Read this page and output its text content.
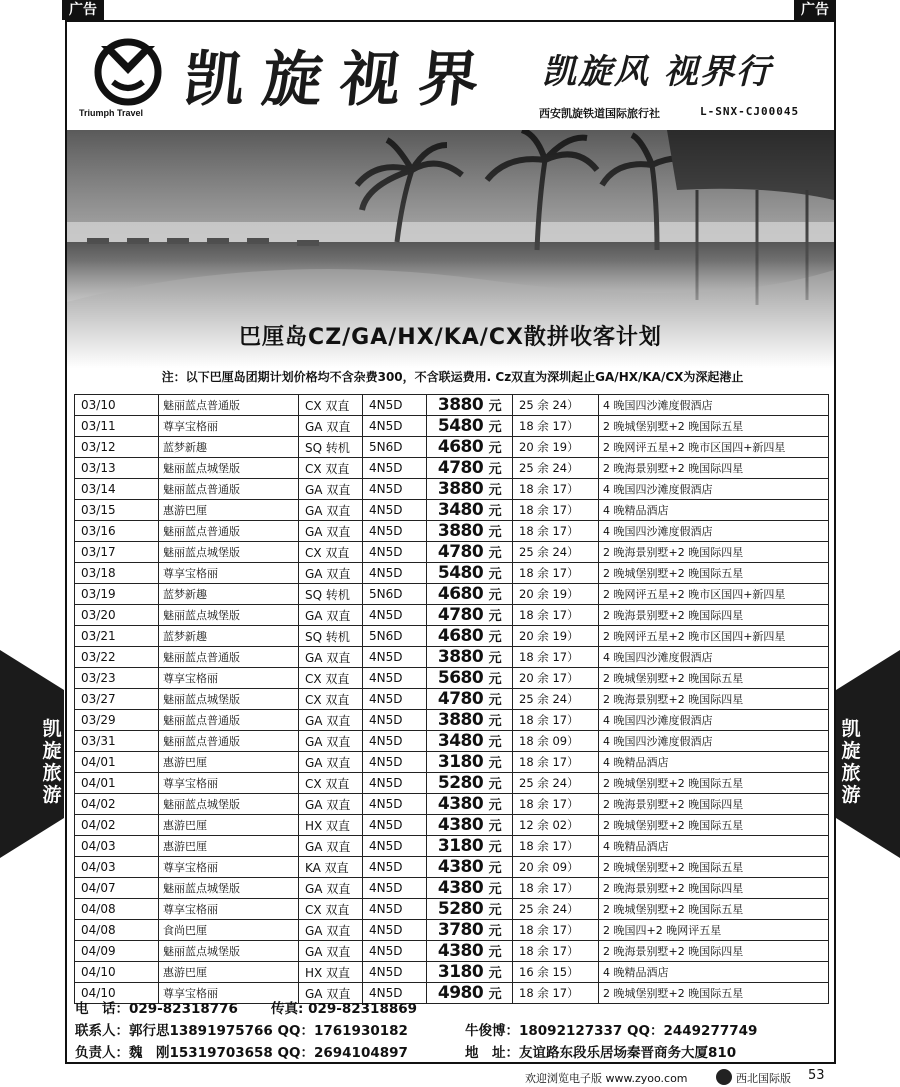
广告	广告
凯旋旅游
凯旋旅游
Triumph Travel 凯旋视界 凯旋风 视界行
西安凯旋铁道国际旅行社	L-SNX-CJ00045
巴厘岛CZ/GA/HX/KA/CX散拼收客计划
注：以下巴厘岛团期计划价格均不含杂费300，不含联运费用. Cz双直为深圳起止GA/HX/KA/CX为深起港止
03/10	魅丽蓝点普通版	CX 双直	4N5D	3880 元	25 余 24）	4 晚国四沙滩度假酒店
03/11	尊享宝格丽	GA 双直	4N5D	5480 元	18 余 17）	2 晚城堡别墅+2 晚国际五星
03/12	蓝梦新趣	SQ 转机	5N6D	4680 元	20 余 19）	2 晚网评五星+2 晚市区国四+新四星
03/13	魅丽蓝点城堡版	CX 双直	4N5D	4780 元	25 余 24）	2 晚海景别墅+2 晚国际四星
03/14	魅丽蓝点普通版	GA 双直	4N5D	3880 元	18 余 17）	4 晚国四沙滩度假酒店
03/15	惠游巴厘	GA 双直	4N5D	3480 元	18 余 17）	4 晚精品酒店
03/16	魅丽蓝点普通版	GA 双直	4N5D	3880 元	18 余 17）	4 晚国四沙滩度假酒店
03/17	魅丽蓝点城堡版	CX 双直	4N5D	4780 元	25 余 24）	2 晚海景别墅+2 晚国际四星
03/18	尊享宝格丽	GA 双直	4N5D	5480 元	18 余 17）	2 晚城堡别墅+2 晚国际五星
03/19	蓝梦新趣	SQ 转机	5N6D	4680 元	20 余 19）	2 晚网评五星+2 晚市区国四+新四星
03/20	魅丽蓝点城堡版	GA 双直	4N5D	4780 元	18 余 17）	2 晚海景别墅+2 晚国际四星
03/21	蓝梦新趣	SQ 转机	5N6D	4680 元	20 余 19）	2 晚网评五星+2 晚市区国四+新四星
03/22	魅丽蓝点普通版	GA 双直	4N5D	3880 元	18 余 17）	4 晚国四沙滩度假酒店
03/23	尊享宝格丽	CX 双直	4N5D	5680 元	20 余 17）	2 晚城堡别墅+2 晚国际五星
03/27	魅丽蓝点城堡版	CX 双直	4N5D	4780 元	25 余 24）	2 晚海景别墅+2 晚国际四星
03/29	魅丽蓝点普通版	GA 双直	4N5D	3880 元	18 余 17）	4 晚国四沙滩度假酒店
03/31	魅丽蓝点普通版	GA 双直	4N5D	3480 元	18 余 09）	4 晚国四沙滩度假酒店
04/01	惠游巴厘	GA 双直	4N5D	3180 元	18 余 17）	4 晚精品酒店
04/01	尊享宝格丽	CX 双直	4N5D	5280 元	25 余 24）	2 晚城堡别墅+2 晚国际五星
04/02	魅丽蓝点城堡版	GA 双直	4N5D	4380 元	18 余 17）	2 晚海景别墅+2 晚国际四星
04/02	惠游巴厘	HX 双直	4N5D	4380 元	12 余 02）	2 晚城堡别墅+2 晚国际五星
04/03	惠游巴厘	GA 双直	4N5D	3180 元	18 余 17）	4 晚精品酒店
04/03	尊享宝格丽	KA 双直	4N5D	4380 元	20 余 09）	2 晚城堡别墅+2 晚国际五星
04/07	魅丽蓝点城堡版	GA 双直	4N5D	4380 元	18 余 17）	2 晚海景别墅+2 晚国际四星
04/08	尊享宝格丽	CX 双直	4N5D	5280 元	25 余 24）	2 晚城堡别墅+2 晚国际五星
04/08	食尚巴厘	GA 双直	4N5D	3780 元	18 余 17）	2 晚国四+2 晚网评五星
04/09	魅丽蓝点城堡版	GA 双直	4N5D	4380 元	18 余 17）	2 晚海景别墅+2 晚国际四星
04/10	惠游巴厘	HX 双直	4N5D	3180 元	16 余 15）	4 晚精品酒店
04/10	尊享宝格丽	GA 双直	4N5D	4980 元	18 余 17）	2 晚城堡别墅+2 晚国际五星
电　话：029-82318776 传真: 029-82318869
联系人：郭行思13891975766 QQ：1761930182	牛俊博：18092127337 QQ：2449277749
负责人：魏　刚15319703658 QQ：2694104897	地　址：友谊路东段乐居场秦晋商务大厦810
欢迎浏览电子版 www.zyoo.com	西北国际版 53
